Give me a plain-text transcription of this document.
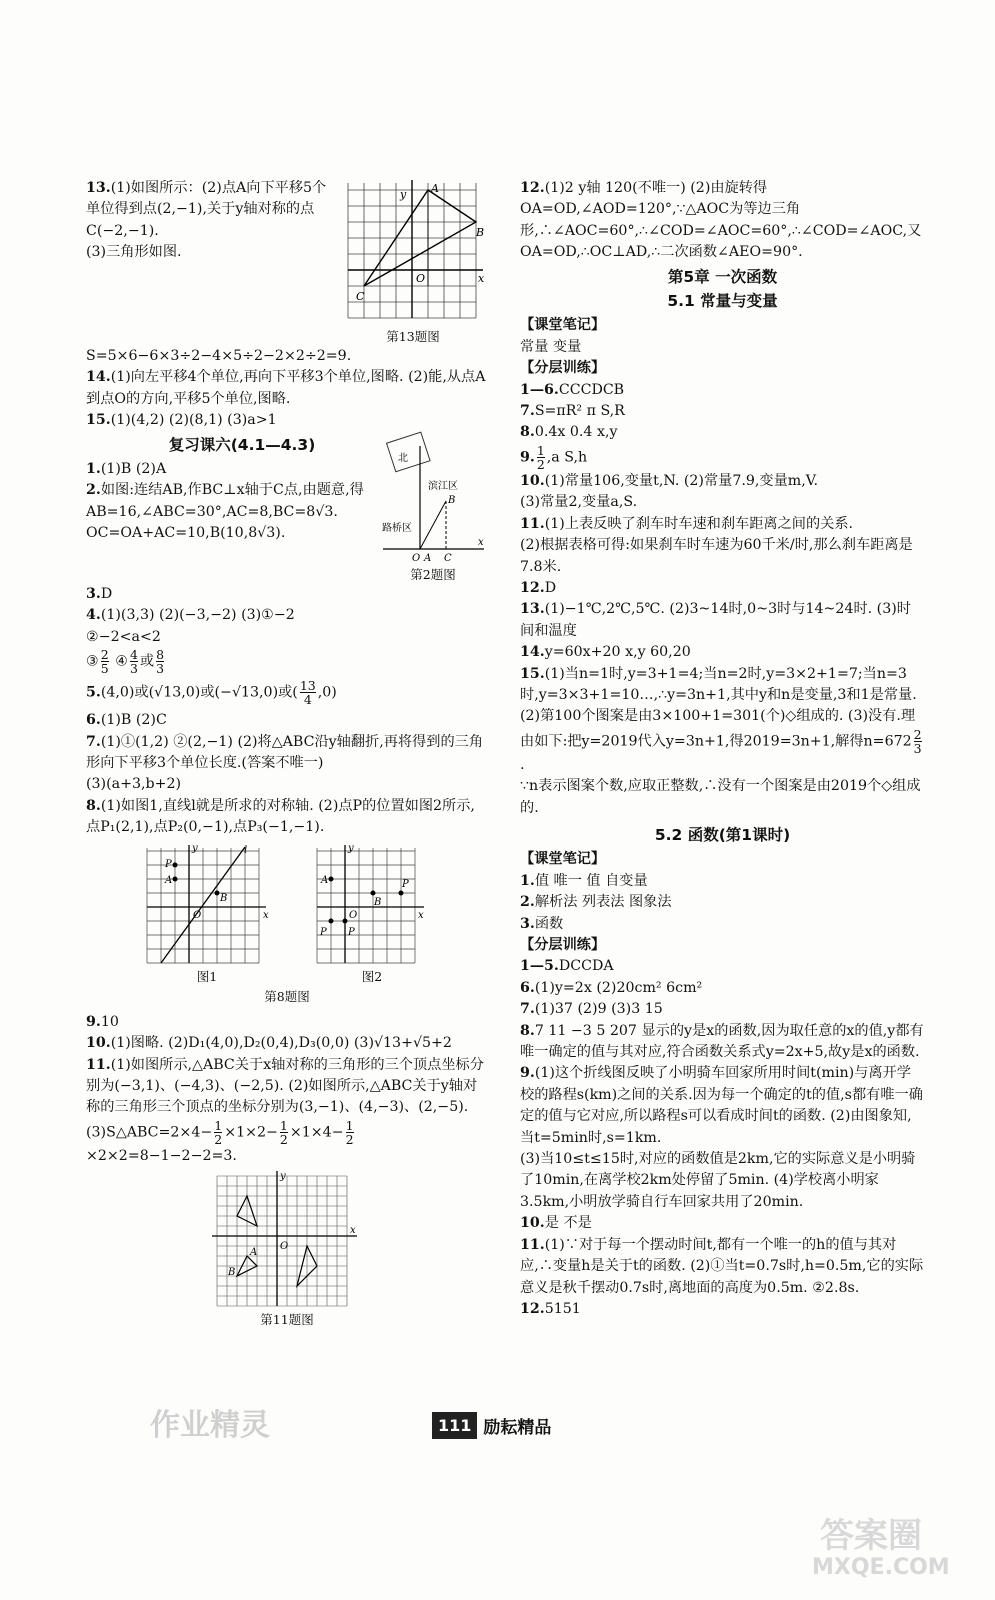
A
B
C
O
y
x
第13题图

13.(1)如图所示：(2)点A向下平移5个单位得到点(2,−1),关于y轴对称的点C(−2,−1).
(3)三角形如图. S=5×6−6×3÷2−4×5÷2−2×2÷2=9.

14.(1)向左平移4个单位,再向下平移3个单位,图略. (2)能,从点A到点O的方向,平移5个单位,图略.

15.(1)(4,2) (2)(8,1) (3)a>1

复习课六(4.1—4.3)
北
滨江区
路桥区
B
O A C
x
第2题图

1.(1)B (2)A

2.如图:连结AB,作BC⊥x轴于C点,由题意,得AB=16,∠ABC=30°,AC=8,BC=8√3. OC=OA+AC=10,B(10,8√3).

3.D

4.(1)(3,3) (2)(−3,−2) (3)①−2
②−2<a<2
③ $\frac{2}{5}$ ④ $\frac{4}{3}$ 或 $\frac{8}{3}$

5.(4,0)或(√13,0)或(−√13,0)或( $\frac{13}{4} ,0$)

6.(1)B (2)C

7.(1)①(1,2) ②(2,−1) (2)将△ABC沿y轴翻折,再将得到的三角形向下平移3个单位长度.(答案不唯一)
(3)(a+3,b+2)

8.(1)如图1,直线l就是所求的对称轴. (2)点P的位置如图2所示,点P₁(2,1),点P₂(0,−1),点P₃(−1,−1).

P
A
B
O
l
y
x
图1
A
B
P
P P
O
y
x
图2
第8题图

9.10

10.(1)图略. (2)D₁(4,0),D₂(0,4),D₃(0,0) (3)√13+√5+2

11.(1)如图所示,△ABC关于x轴对称的三角形的三个顶点坐标分别为(−3,1)、(−4,3)、(−2,5). (2)如图所示,△ABC关于y轴对称的三角形三个顶点的坐标分别为(3,−1)、(4,−3)、(2,−5). (3)S△ABC=2×4− $\frac{1}{2} \times 1\times 2- \frac{1}{2} \times 1\times 4- \frac{1}{2}$
×2×2=8−1−2−2=3.

A
B
O
y
x
第11题图

12.(1)2 y轴 120(不唯一) (2)由旋转得OA=OD,∠AOD=120°,∵△AOC为等边三角形,∴∠AOC=60°,∴∠COD=∠AOC=60°,∴∠COD=∠AOC,又OA=OD,∴OC⊥AD,∴二次函数∠AEO=90°.

第5章 一次函数
5.1 常量与变量
【课堂笔记】

常量 变量

【分层训练】

1—6.CCCDCB

7.S=πR² π S,R

8.0.4x 0.4 x,y

9. $\frac{1}{2} ,a$ S,h

10.(1)常量106,变量t,N. (2)常量7.9,变量m,V.
(3)常量2,变量a,S.

11.(1)上表反映了刹车时车速和刹车距离之间的关系.
(2)根据表格可得:如果刹车时车速为60千米/时,那么刹车距离是7.8米.

12.D

13.(1)−1℃,2℃,5℃. (2)3~14时,0~3时与14~24时. (3)时间和温度

14.y=60x+20 x,y 60,20

15.(1)当n=1时,y=3+1=4;当n=2时,y=3×2+1=7;当n=3时,y=3×3+1=10…,∴y=3n+1,其中y和n是变量,3和1是常量. (2)第100个图案是由3×100+1=301(个)◇组成的. (3)没有.理由如下:把y=2019代入y=3n+1,得2019=3n+1,解得$n=672 \frac{2}{3}$
.
∵n表示图案个数,应取正整数,∴没有一个图案是由2019个◇组成的.

5.2 函数(第1课时)
【课堂笔记】

1.值 唯一 值 自变量

2.解析法 列表法 图象法

3.函数

【分层训练】

1—5.DCCDA

6.(1)y=2x (2)20cm² 6cm²

7.(1)37 (2)9 (3)3 15

8.7 11 −3 5 207 显示的y是x的函数,因为取任意的x的值,y都有唯一确定的值与其对应,符合函数关系式y=2x+5,故y是x的函数.

9.(1)这个折线图反映了小明骑车回家所用时间t(min)与离开学校的路程s(km)之间的关系.因为每一个确定的t的值,s都有唯一确定的值与它对应,所以路程s可以看成时间t的函数. (2)由图象知,当t=5min时,s=1km.
(3)当10≤t≤15时,对应的函数值是2km,它的实际意义是小明骑了10min,在离学校2km处停留了5min. (4)学校离小明家3.5km,小明放学骑自行车回家共用了20min.

10.是 不是

11.(1)∵对于每一个摆动时间t,都有一个唯一的h的值与其对应,∴变量h是关于t的函数. (2)①当t=0.7s时,h=0.5m,它的实际意义是秋千摆动0.7s时,离地面的高度为0.5m. ②2.8s.

12.5151

111 励耘精品
作业精灵
答案圈
MXQE.COM
